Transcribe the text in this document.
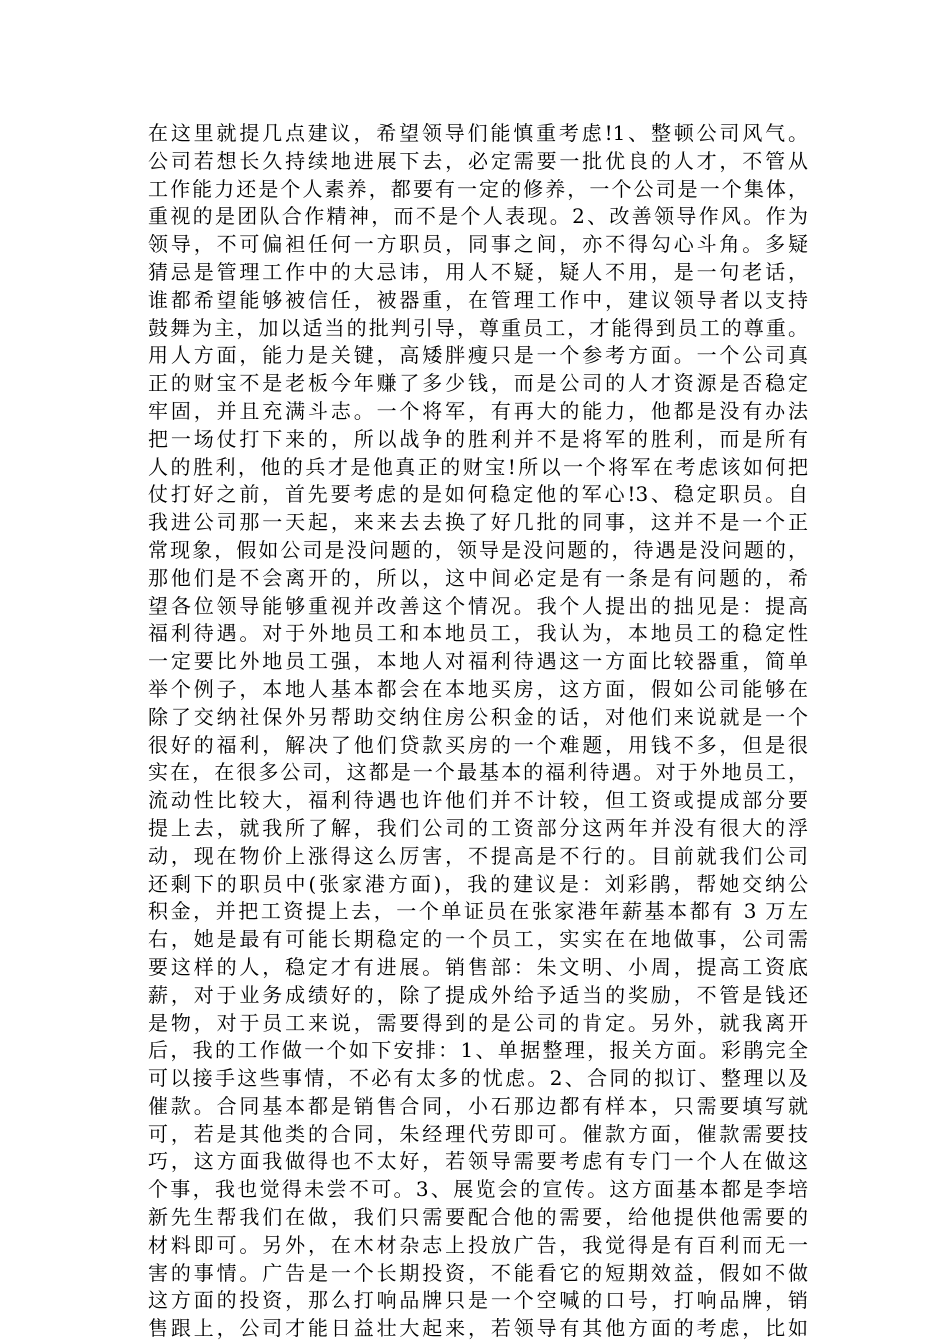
在这里就提几点建议，希望领导们能慎重考虑!1、整顿公司风气。
公司若想长久持续地进展下去，必定需要一批优良的人才，不管从
工作能力还是个人素养，都要有一定的修养，一个公司是一个集体，
重视的是团队合作精神，而不是个人表现。2、改善领导作风。作为
领导，不可偏袒任何一方职员，同事之间，亦不得勾心斗角。多疑
猜忌是管理工作中的大忌讳，用人不疑，疑人不用，是一句老话，
谁都希望能够被信任，被器重，在管理工作中，建议领导者以支持
鼓舞为主，加以适当的批判引导，尊重员工，才能得到员工的尊重。
用人方面，能力是关键，高矮胖瘦只是一个参考方面。一个公司真
正的财宝不是老板今年赚了多少钱，而是公司的人才资源是否稳定
牢固，并且充满斗志。一个将军，有再大的能力，他都是没有办法
把一场仗打下来的，所以战争的胜利并不是将军的胜利，而是所有
人的胜利，他的兵才是他真正的财宝!所以一个将军在考虑该如何把
仗打好之前，首先要考虑的是如何稳定他的军心!3、稳定职员。自
我进公司那一天起，来来去去换了好几批的同事，这并不是一个正
常现象，假如公司是没问题的，领导是没问题的，待遇是没问题的，
那他们是不会离开的，所以，这中间必定是有一条是有问题的，希
望各位领导能够重视并改善这个情况。我个人提出的拙见是：提高
福利待遇。对于外地员工和本地员工，我认为，本地员工的稳定性
一定要比外地员工强，本地人对福利待遇这一方面比较器重，简单
举个例子，本地人基本都会在本地买房，这方面，假如公司能够在
除了交纳社保外另帮助交纳住房公积金的话，对他们来说就是一个
很好的福利，解决了他们贷款买房的一个难题，用钱不多，但是很
实在，在很多公司，这都是一个最基本的福利待遇。对于外地员工，
流动性比较大，福利待遇也许他们并不计较，但工资或提成部分要
提上去，就我所了解，我们公司的工资部分这两年并没有很大的浮
动，现在物价上涨得这么厉害，不提高是不行的。目前就我们公司
还剩下的职员中(张家港方面)，我的建议是：刘彩鹃，帮她交纳公
积金，并把工资提上去，一个单证员在张家港年薪基本都有 3 万左
右，她是最有可能长期稳定的一个员工，实实在在地做事，公司需
要这样的人，稳定才有进展。销售部：朱文明、小周，提高工资底
薪，对于业务成绩好的，除了提成外给予适当的奖励，不管是钱还
是物，对于员工来说，需要得到的是公司的肯定。另外，就我离开
后，我的工作做一个如下安排：1、单据整理，报关方面。彩鹃完全
可以接手这些事情，不必有太多的忧虑。2、合同的拟订、整理以及
催款。合同基本都是销售合同，小石那边都有样本，只需要填写就
可，若是其他类的合同，朱经理代劳即可。催款方面，催款需要技
巧，这方面我做得也不太好，若领导需要考虑有专门一个人在做这
个事，我也觉得未尝不可。3、展览会的宣传。这方面基本都是李培
新先生帮我们在做，我们只需要配合他的需要，给他提供他需要的
材料即可。另外，在木材杂志上投放广告，我觉得是有百利而无一
害的事情。广告是一个长期投资，不能看它的短期效益，假如不做
这方面的投资，那么打响品牌只是一个空喊的口号，打响品牌，销
售跟上，公司才能日益壮大起来，若领导有其他方面的考虑，比如
